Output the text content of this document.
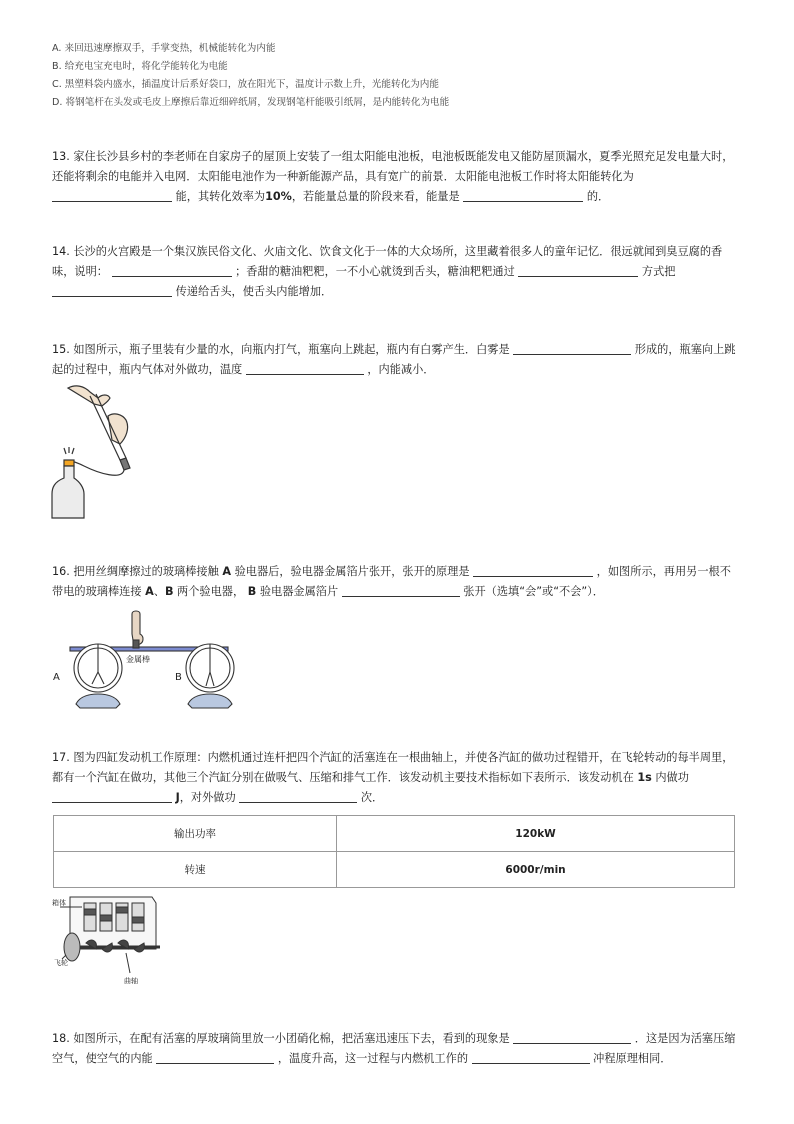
A. 来回迅速摩擦双手，手掌变热，机械能转化为内能
B. 给充电宝充电时，将化学能转化为电能
C. 黑塑料袋内盛水，插温度计后系好袋口，放在阳光下，温度计示数上升，光能转化为内能
D. 将钢笔杆在头发或毛皮上摩擦后靠近细碎纸屑，发现钢笔杆能吸引纸屑，是内能转化为电能
13. 家住长沙县乡村的李老师在自家房子的屋顶上安装了一组太阳能电池板，电池板既能发电又能防屋顶漏水，夏季光照充足发电量大时，还能将剩余的电能并入电网．太阳能电池作为一种新能源产品，具有宽广的前景．太阳能电池板工作时将太阳能转化为 能，其转化效率为10%，若能量总量的阶段来看，能量是	的．
14. 长沙的火宫殿是一个集汉族民俗文化、火庙文化、饮食文化于一体的大众场所，这里藏着很多人的童年记忆．很远就闻到臭豆腐的香味，说明：	；香甜的糖油粑粑，一不小心就烫到舌头，糖油粑粑通过	方式把  传递给舌头，使舌头内能增加．
15. 如图所示，瓶子里装有少量的水，向瓶内打气，瓶塞向上跳起，瓶内有白雾产生．白雾是	形成的，瓶塞向上跳起的过程中，瓶内气体对外做功，温度	，内能减小．
16. 把用丝绸摩擦过的玻璃棒接触 A 验电器后，验电器金属箔片张开，张开的原理是	，如图所示，再用另一根不带电的玻璃棒连接 A、B 两个验电器， B 验电器金属箔片	张开（选填“会”或“不会”）．
金属棒
A	B
17. 图为四缸发动机工作原理：内燃机通过连杆把四个汽缸的活塞连在一根曲轴上，并使各汽缸的做功过程错开，在飞轮转动的每半周里，都有一个汽缸在做功，其他三个汽缸分别在做吸气、压缩和排气工作．该发动机主要技术指标如下表所示．该发动机在 1s 内做功  J，对外做功	次．
输出功率	120kW
转速	6000r/min
箱体
飞轮
曲轴
18. 如图所示，在配有活塞的厚玻璃筒里放一小团硝化棉，把活塞迅速压下去，看到的现象是	．这是因为活塞压缩空气，使空气的内能	，温度升高，这一过程与内燃机工作的	冲程原理相同．
